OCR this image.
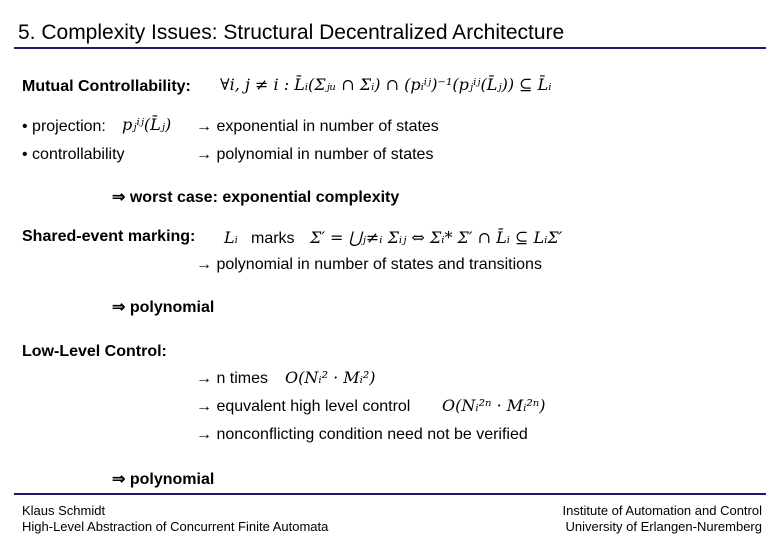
5. Complexity Issues: Structural Decentralized Architecture
Mutual Controllability: ∀i, j ≠ i : L̄ᵢ(Σⱼᵤ ∩ Σᵢ) ∩ (pᵢⁱʲ)⁻¹(pⱼⁱʲ(L̄ⱼ)) ⊆ L̄ᵢ
• projection: pⱼⁱʲ(L̄ⱼ) → exponential in number of states
• controllability	→ polynomial in number of states
⇒ worst case: exponential complexity
Shared-event marking: Lᵢ marks Σ′ = ⋃ⱼ≠ᵢ Σᵢⱼ ⇔ Σᵢ* Σ′ ∩ L̄ᵢ ⊆ LᵢΣ′
→ polynomial in number of states and transitions
⇒ polynomial
Low-Level Control:
→ n times O(Nᵢ² · Mᵢ²)
→ equvalent high level control O(Nᵢ²ⁿ · Mᵢ²ⁿ)
→ nonconflicting condition need not be verified
⇒ polynomial
Klaus Schmidt
High-Level Abstraction of Concurrent Finite Automata
Institute of Automation and Control
University of Erlangen-Nuremberg
